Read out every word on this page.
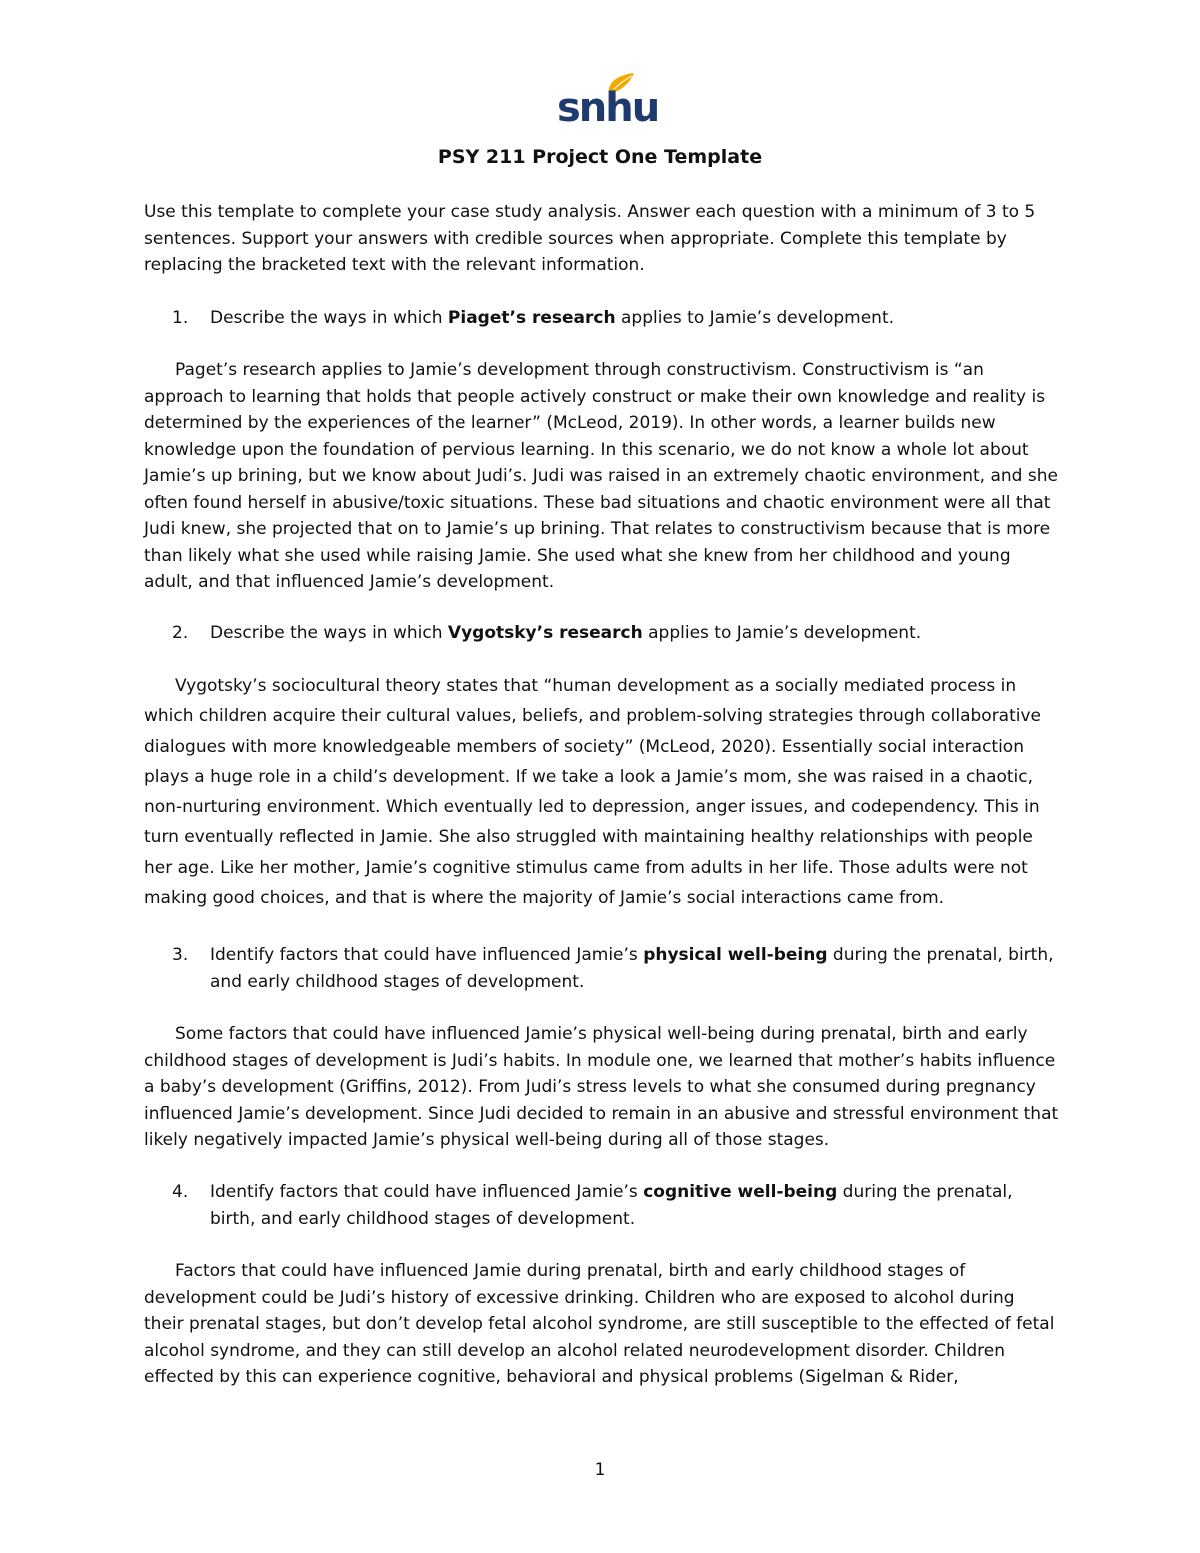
snhu
PSY 211 Project One Template
Use this template to complete your case study analysis. Answer each question with a minimum of 3 to 5 sentences. Support your answers with credible sources when appropriate. Complete this template by replacing the bracketed text with the relevant information.
1. Describe the ways in which Piaget’s research applies to Jamie’s development.
Paget’s research applies to Jamie’s development through constructivism. Constructivism is “an approach to learning that holds that people actively construct or make their own knowledge and reality is determined by the experiences of the learner” (McLeod, 2019). In other words, a learner builds new knowledge upon the foundation of pervious learning. In this scenario, we do not know a whole lot about Jamie’s up brining, but we know about Judi’s. Judi was raised in an extremely chaotic environment, and she often found herself in abusive/toxic situations. These bad situations and chaotic environment were all that Judi knew, she projected that on to Jamie’s up brining. That relates to constructivism because that is more than likely what she used while raising Jamie. She used what she knew from her childhood and young adult, and that influenced Jamie’s development.
2. Describe the ways in which Vygotsky’s research applies to Jamie’s development.
Vygotsky’s sociocultural theory states that “human development as a socially mediated process in which children acquire their cultural values, beliefs, and problem-solving strategies through collaborative dialogues with more knowledgeable members of society” (McLeod, 2020). Essentially social interaction plays a huge role in a child’s development. If we take a look a Jamie’s mom, she was raised in a chaotic, non-nurturing environment. Which eventually led to depression, anger issues, and codependency. This in turn eventually reflected in Jamie. She also struggled with maintaining healthy relationships with people her age. Like her mother, Jamie’s cognitive stimulus came from adults in her life. Those adults were not making good choices, and that is where the majority of Jamie’s social interactions came from.
3. Identify factors that could have influenced Jamie’s physical well-being during the prenatal, birth, and early childhood stages of development.
Some factors that could have influenced Jamie’s physical well-being during prenatal, birth and early childhood stages of development is Judi’s habits. In module one, we learned that mother’s habits influence a baby’s development (Griffins, 2012). From Judi’s stress levels to what she consumed during pregnancy influenced Jamie’s development. Since Judi decided to remain in an abusive and stressful environment that likely negatively impacted Jamie’s physical well-being during all of those stages.
4. Identify factors that could have influenced Jamie’s cognitive well-being during the prenatal, birth, and early childhood stages of development.
Factors that could have influenced Jamie during prenatal, birth and early childhood stages of development could be Judi’s history of excessive drinking. Children who are exposed to alcohol during their prenatal stages, but don’t develop fetal alcohol syndrome, are still susceptible to the effected of fetal alcohol syndrome, and they can still develop an alcohol related neurodevelopment disorder. Children effected by this can experience cognitive, behavioral and physical problems (Sigelman & Rider,
1
